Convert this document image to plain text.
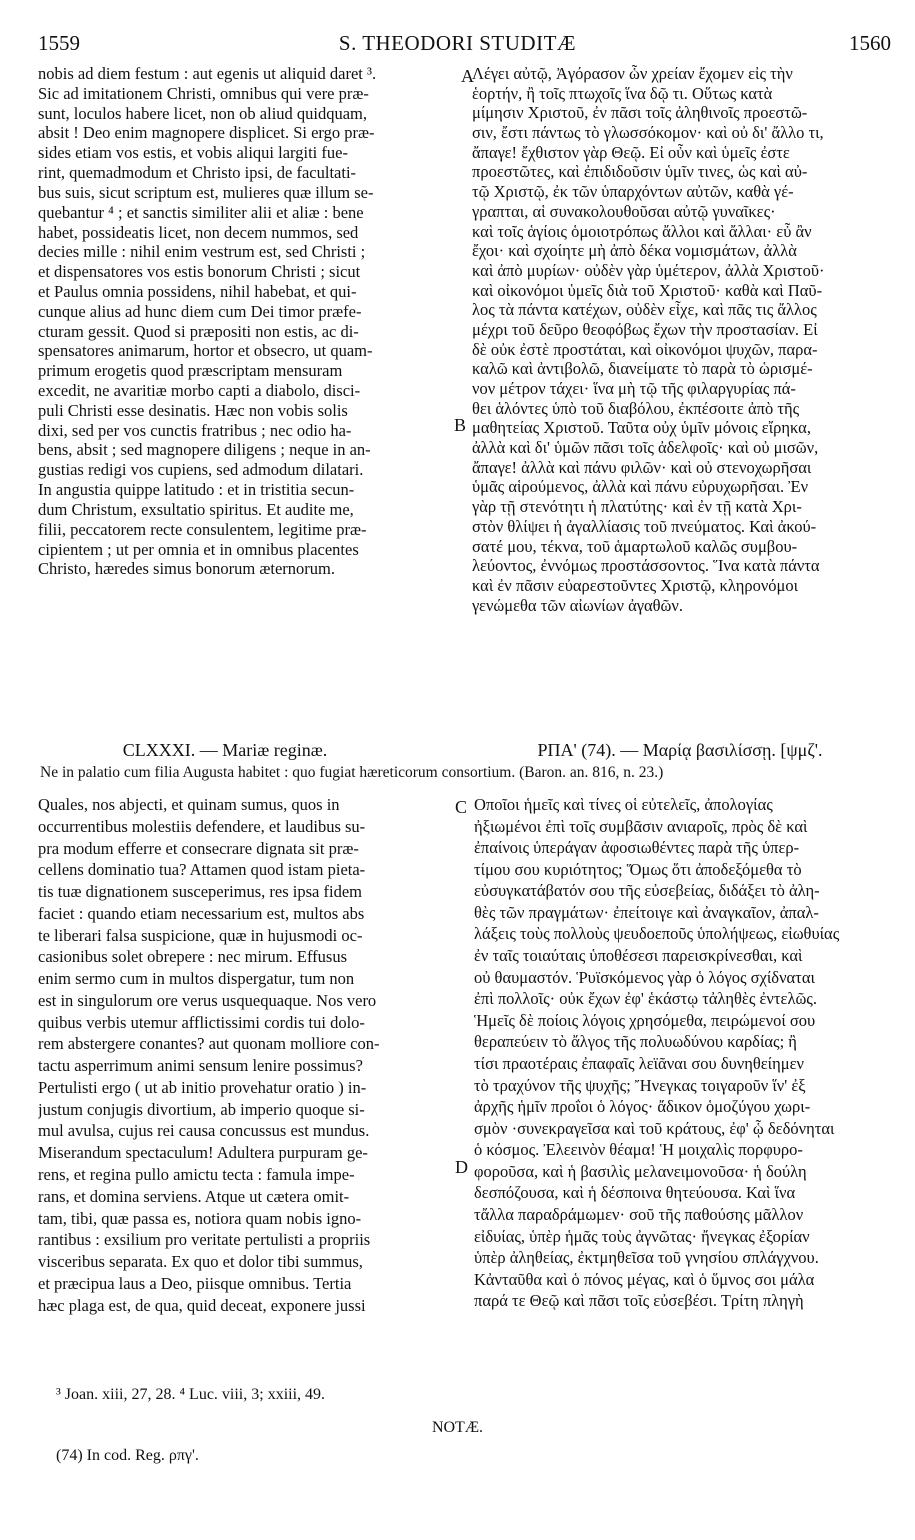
1559	S. THEODORI STUDITÆ	1560
nobis ad diem festum : aut egenis ut aliquid daret ³.
Sic ad imitationem Christi, omnibus qui vere præ-
sunt, loculos habere licet, non ob aliud quidquam,
absit ! Deo enim magnopere displicet. Si ergo præ-
sides etiam vos estis, et vobis aliqui largiti fue-
rint, quemadmodum et Christo ipsi, de facultati-
bus suis, sicut scriptum est, mulieres quæ illum se-
quebantur ⁴ ; et sanctis similiter alii et aliæ : bene
habet, possideatis licet, non decem nummos, sed
decies mille : nihil enim vestrum est, sed Christi ;
et dispensatores vos estis bonorum Christi ; sicut
et Paulus omnia possidens, nihil habebat, et qui-
cunque alius ad hunc diem cum Dei timor præfe-
cturam gessit. Quod si præpositi non estis, ac di-
spensatores animarum, hortor et obsecro, ut quam-
primum erogetis quod præscriptam mensuram
excedit, ne avaritiæ morbo capti a diabolo, disci-
puli Christi esse desinatis. Hæc non vobis solis
dixi, sed per vos cunctis fratribus ; nec odio ha-
bens, absit ; sed magnopere diligens ; neque in an-
gustias redigi vos cupiens, sed admodum dilatari.
In angustia quippe latitudo : et in tristitia secun-
dum Christum, exsultatio spiritus. Et audite me,
filii, peccatorem recte consulentem, legitime præ-
cipientem ; ut per omnia et in omnibus placentes
Christo, hæredes simus bonorum æternorum.
Λέγει αὐτῷ, Ἀγόρασον ὧν χρείαν ἔχομεν εἰς τὴν
ἑορτήν, ἢ τοῖς πτωχοῖς ἵνα δῷ τι. Οὕτως κατὰ
μίμησιν Χριστοῦ, ἐν πᾶσι τοῖς ἀληθινοῖς προεστῶ-
σιν, ἔστι πάντως τὸ γλωσσόκομον· καὶ οὐ δι' ἄλλο τι,
ἄπαγε! ἔχθιστον γὰρ Θεῷ. Εἰ οὖν καὶ ὑμεῖς ἐστε
προεστῶτες, καὶ ἐπιδιδοῦσιν ὑμῖν τινες, ὡς καὶ αὐ-
τῷ Χριστῷ, ἐκ τῶν ὑπαρχόντων αὐτῶν, καθὰ γέ-
γραπται, αἱ συνακολουθοῦσαι αὐτῷ γυναῖκες·
καὶ τοῖς ἁγίοις ὁμοιοτρόπως ἄλλοι καὶ ἄλλαι· εὖ ἂν
ἔχοι· καὶ σχοίητε μὴ ἀπὸ δέκα νομισμάτων, ἀλλὰ
καὶ ἀπὸ μυρίων· οὐδὲν γὰρ ὑμέτερον, ἀλλὰ Χριστοῦ·
καὶ οἰκονόμοι ὑμεῖς διὰ τοῦ Χριστοῦ· καθὰ καὶ Παῦ-
λος τὰ πάντα κατέχων, οὐδὲν εἶχε, καὶ πᾶς τις ἄλλος
μέχρι τοῦ δεῦρο θεοφόβως ἔχων τὴν προστασίαν. Εἰ
δὲ οὐκ ἐστὲ προστάται, καὶ οἰκονόμοι ψυχῶν, παρα-
καλῶ καὶ ἀντιβολῶ, διανείματε τὸ παρὰ τὸ ὡρισμέ-
νον μέτρον τάχει· ἵνα μὴ τῷ τῆς φιλαργυρίας πά-
θει ἁλόντες ὑπὸ τοῦ διαβόλου, ἐκπέσοιτε ἀπὸ τῆς
μαθητείας Χριστοῦ. Ταῦτα οὐχ ὑμῖν μόνοις εἴρηκα,
ἀλλὰ καὶ δι' ὑμῶν πᾶσι τοῖς ἀδελφοῖς· καὶ οὐ μισῶν,
ἄπαγε! ἀλλὰ καὶ πάνυ φιλῶν· καὶ οὐ στενοχωρῆσαι
ὑμᾶς αἱρούμενος, ἀλλὰ καὶ πάνυ εὐρυχωρῆσαι. Ἐν
γὰρ τῇ στενότητι ἡ πλατύτης· καὶ ἐν τῇ κατὰ Χρι-
στὸν θλίψει ἡ ἀγαλλίασις τοῦ πνεύματος. Καὶ ἀκού-
σατέ μου, τέκνα, τοῦ ἁμαρτωλοῦ καλῶς συμβου-
λεύοντος, ἐννόμως προστάσσοντος. Ἵνα κατὰ πάντα
καὶ ἐν πᾶσιν εὐαρεστοῦντες Χριστῷ, κληρονόμοι
γενώμεθα τῶν αἰωνίων ἀγαθῶν.
A
B
CLXXXI. — Mariæ reginæ.	ΡΠΑ' (74). — Μαρίᾳ βασιλίσσῃ. [ψμζ'.
Ne in palatio cum filia Augusta habitet : quo fugiat hæreticorum consortium. (Baron. an. 816, n. 23.)
Quales, nos abjecti, et quinam sumus, quos in
occurrentibus molestiis defendere, et laudibus su-
pra modum efferre et consecrare dignata sit præ-
cellens dominatio tua? Attamen quod istam pieta-
tis tuæ dignationem susceperimus, res ipsa fidem
faciet : quando etiam necessarium est, multos abs
te liberari falsa suspicione, quæ in hujusmodi oc-
casionibus solet obrepere : nec mirum. Effusus
enim sermo cum in multos dispergatur, tum non
est in singulorum ore verus usquequaque. Nos vero
quibus verbis utemur afflictissimi cordis tui dolo-
rem abstergere conantes? aut quonam molliore con-
tactu asperrimum animi sensum lenire possimus?
Pertulisti ergo ( ut ab initio provehatur oratio ) in-
justum conjugis divortium, ab imperio quoque si-
mul avulsa, cujus rei causa concussus est mundus.
Miserandum spectaculum! Adultera purpuram ge-
rens, et regina pullo amictu tecta : famula impe-
rans, et domina serviens. Atque ut cætera omit-
tam, tibi, quæ passa es, notiora quam nobis igno-
rantibus : exsilium pro veritate pertulisti a propriis
visceribus separata. Ex quo et dolor tibi summus,
et præcipua laus a Deo, piisque omnibus. Tertia
hæc plaga est, de qua, quid deceat, exponere jussi
Οποῖοι ἡμεῖς καὶ τίνες οἱ εὐτελεῖς, ἀπολογίας
ἠξιωμένοι ἐπὶ τοῖς συμβᾶσιν ανιαροῖς, πρὸς δὲ καὶ
ἐπαίνοις ὑπεράγαν ἀφοσιωθέντες παρὰ τῆς ὑπερ-
τίμου σου κυριότητος; Ὅμως ὅτι ἀποδεξόμεθα τὸ
εὐσυγκατάβατόν σου τῆς εὐσεβείας, διδάξει τὸ ἀλη-
θὲς τῶν πραγμάτων· ἐπείτοιγε καὶ ἀναγκαῖον, ἀπαλ-
λάξεις τοὺς πολλοὺς ψευδοεποῦς ὑπολήψεως, εἰωθυίας
ἐν ταῖς τοιαύταις ὑποθέσεσι παρεισκρίνεσθαι, καὶ
οὐ θαυμαστόν. Ῥυϊσκόμενος γὰρ ὁ λόγος σχίδναται
ἐπὶ πολλοῖς· οὐκ ἔχων ἐφ' ἑκάστῳ τἀληθὲς ἐντελῶς.
Ἡμεῖς δὲ ποίοις λόγοις χρησόμεθα, πειρώμενοί σου
θεραπεύειν τὸ ἄλγος τῆς πολυωδύνου καρδίας; ἢ
τίσι πραοτέραις ἐπαφαῖς λεϊᾶναι σου δυνηθείημεν
τὸ τραχύνον τῆς ψυχῆς; Ἤνεγκας τοιγαροῦν ἵν' ἐξ
ἀρχῆς ἡμῖν προΐοι ὁ λόγος· ἄδικον ὁμοζύγου χωρι-
σμὸν ·συνεκραγεῖσα καὶ τοῦ κράτους, ἐφ' ᾧ δεδόνηται
ὁ κόσμος. Ἐλεεινὸν θέαμα! Ἡ μοιχαλὶς πορφυρο-
φοροῦσα, καὶ ἡ βασιλὶς μελανειμονοῦσα· ἡ δούλη
δεσπόζουσα, καὶ ἡ δέσποινα θητεύουσα. Καὶ ἵνα
τἄλλα παραδράμωμεν· σοῦ τῆς παθούσης μᾶλλον
εἰδυίας, ὑπὲρ ἡμᾶς τοὺς ἀγνῶτας· ἤνεγκας ἐξορίαν
ὑπὲρ ἀληθείας, ἐκτμηθεῖσα τοῦ γνησίου σπλάγχνου.
Κἀνταῦθα καὶ ὁ πόνος μέγας, καὶ ὁ ὕμνος σοι μάλα
παρά τε Θεῷ καὶ πᾶσι τοῖς εὐσεβέσι. Τρίτη πληγὴ
C
D
³ Joan. xiii, 27, 28. ⁴ Luc. viii, 3; xxiii, 49.
NOTÆ.
(74) In cod. Reg. ρπγ'.
